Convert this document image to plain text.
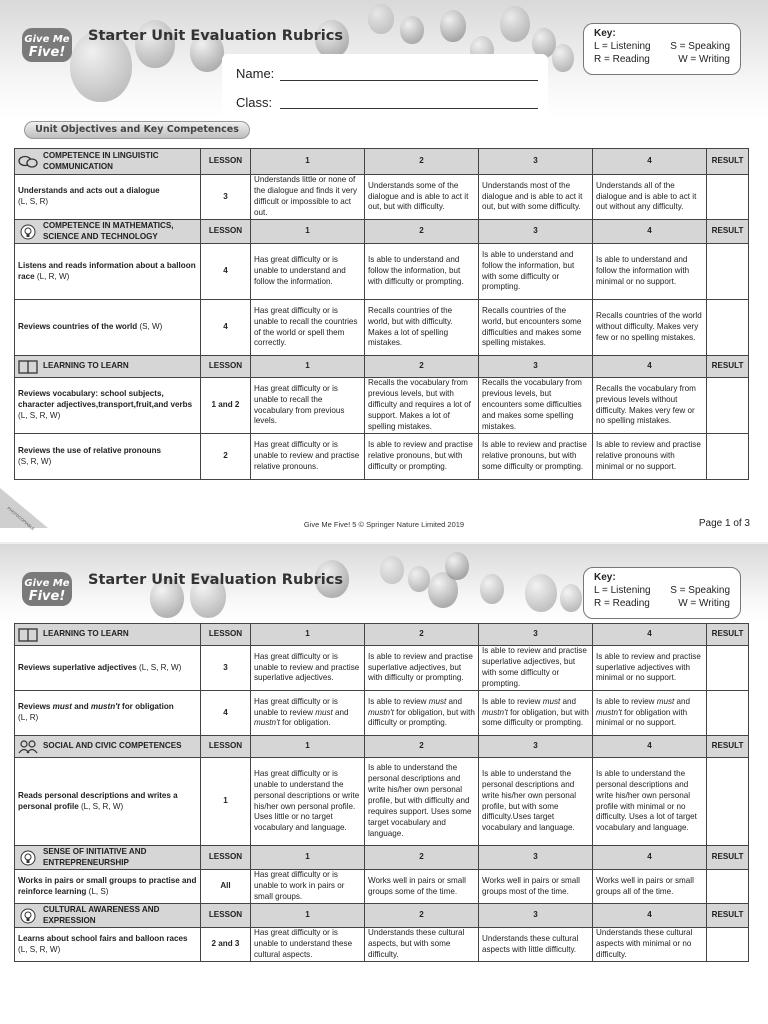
Give Me
Five!
Starter Unit Evaluation Rubrics	Key:
L = Listening S = Speaking
R = Reading	W = Writing
Name:
Class:
Unit Objectives and Key Competences
COMPETENCE IN LINGUISTIC COMMUNICATION	LESSON	1	2	3	4	RESULT
Understands and acts out a dialogue
(L, S, R)	3	Understands little or none of the dialogue and finds it very difficult or impossible to act out.	Understands some of the dialogue and is able to act it out, but with difficulty.	Understands most of the dialogue and is able to act it out, but with some difficulty.	Understands all of the dialogue and is able to act it out without any difficulty.	

COMPETENCE IN MATHEMATICS, SCIENCE AND TECHNOLOGY	LESSON	1	2	3	4	RESULT
Listens and reads information about a balloon race (L, R, W)	4	Has great difficulty or is unable to understand and follow the information.	Is able to understand and follow the information, but with difficulty or prompting.	Is able to understand and follow the information, but with some difficulty or prompting.	Is able to understand and follow the information with minimal or no support.	
Reviews countries of the world (S, W)	4	Has great difficulty or is unable to recall the countries of the world or spell them correctly.	Recalls countries of the world, but with difficulty. Makes a lot of spelling mistakes.	Recalls countries of the world, but encounters some difficulties and makes some spelling mistakes.	Recalls countries of the world without difficulty. Makes very few or no spelling mistakes.	

LEARNING TO LEARN	LESSON	1	2	3	4	RESULT
Reviews vocabulary: school subjects, character adjectives,transport,fruit,and verbs (L, S, R, W)	1 and 2	Has great difficulty or is unable to recall the vocabulary from previous levels.	Recalls the vocabulary from previous levels, but with difficulty and requires a lot of support. Makes a lot of spelling mistakes.	Recalls the vocabulary from previous levels, but encounters some difficulties and makes some spelling mistakes.	Recalls the vocabulary from previous levels without difficulty. Makes very few or no spelling mistakes.	
Reviews the use of relative pronouns
(S, R, W)	2	Has great difficulty or is unable to review and practise relative pronouns.	Is able to review and practise relative pronouns, but with difficulty or prompting.	Is able to review and practise relative pronouns, but with some difficulty or prompting.	Is able to review and practise relative pronouns with minimal or no support.	
PHOTOCOPIABLE	Give Me Five! 5 © Springer Nature Limited 2019	Page 1 of 3
Give Me
Five!
Starter Unit Evaluation Rubrics	Key:
L = Listening S = Speaking
R = Reading	W = Writing
LEARNING TO LEARN	LESSON	1	2	3	4	RESULT
Reviews superlative adjectives (L, S, R, W)	3	Has great difficulty or is unable to review and practise superlative adjectives.	Is able to review and practise superlative adjectives, but with difficulty or prompting.	Is able to review and practise superlative adjectives, but with some difficulty or prompting.	Is able to review and practise superlative adjectives with minimal or no support.	
Reviews must and mustn't for obligation
(L, R)	4	Has great difficulty or is unable to review must and mustn't for obligation.	Is able to review must and mustn't for obligation, but with difficulty or prompting.	Is able to review must and mustn't for obligation, but with some difficulty or prompting.	Is able to review must and mustn't for obligation with minimal or no support.	

SOCIAL AND CIVIC COMPETENCES	LESSON	1	2	3	4	RESULT
Reads personal descriptions and writes a personal profile (L, S, R, W)	1	Has great difficulty or is unable to understand the personal descriptions or write his/her own personal profile. Uses little or no target vocabulary and language.	Is able to understand the personal descriptions and write his/her own personal profile, but with difficulty and requires support. Uses some target vocabulary and language.	Is able to understand the personal descriptions and write his/her own personal profile, but with some difficulty.Uses target vocabulary and language.	Is able to understand the personal descriptions and write his/her own personal profile with minimal or no difficulty. Uses a lot of target vocabulary and language.	

SENSE OF INITIATIVE AND ENTREPRENEURSHIP	LESSON	1	2	3	4	RESULT
Works in pairs or small groups to practise and reinforce learning (L, S)	All	Has great difficulty or is unable to work in pairs or small groups.	Works well in pairs or small groups some of the time.	Works well in pairs or small groups most of the time.	Works well in pairs or small groups all of the time.	

CULTURAL AWARENESS AND EXPRESSION	LESSON	1	2	3	4	RESULT
Learns about school fairs and balloon races (L, S, R, W)	2 and 3	Has great difficulty or is unable to understand these cultural aspects.	Understands these cultural aspects, but with some difficulty.	Understands these cultural aspects with little difficulty.	Understands these cultural aspects with minimal or no difficulty.	
